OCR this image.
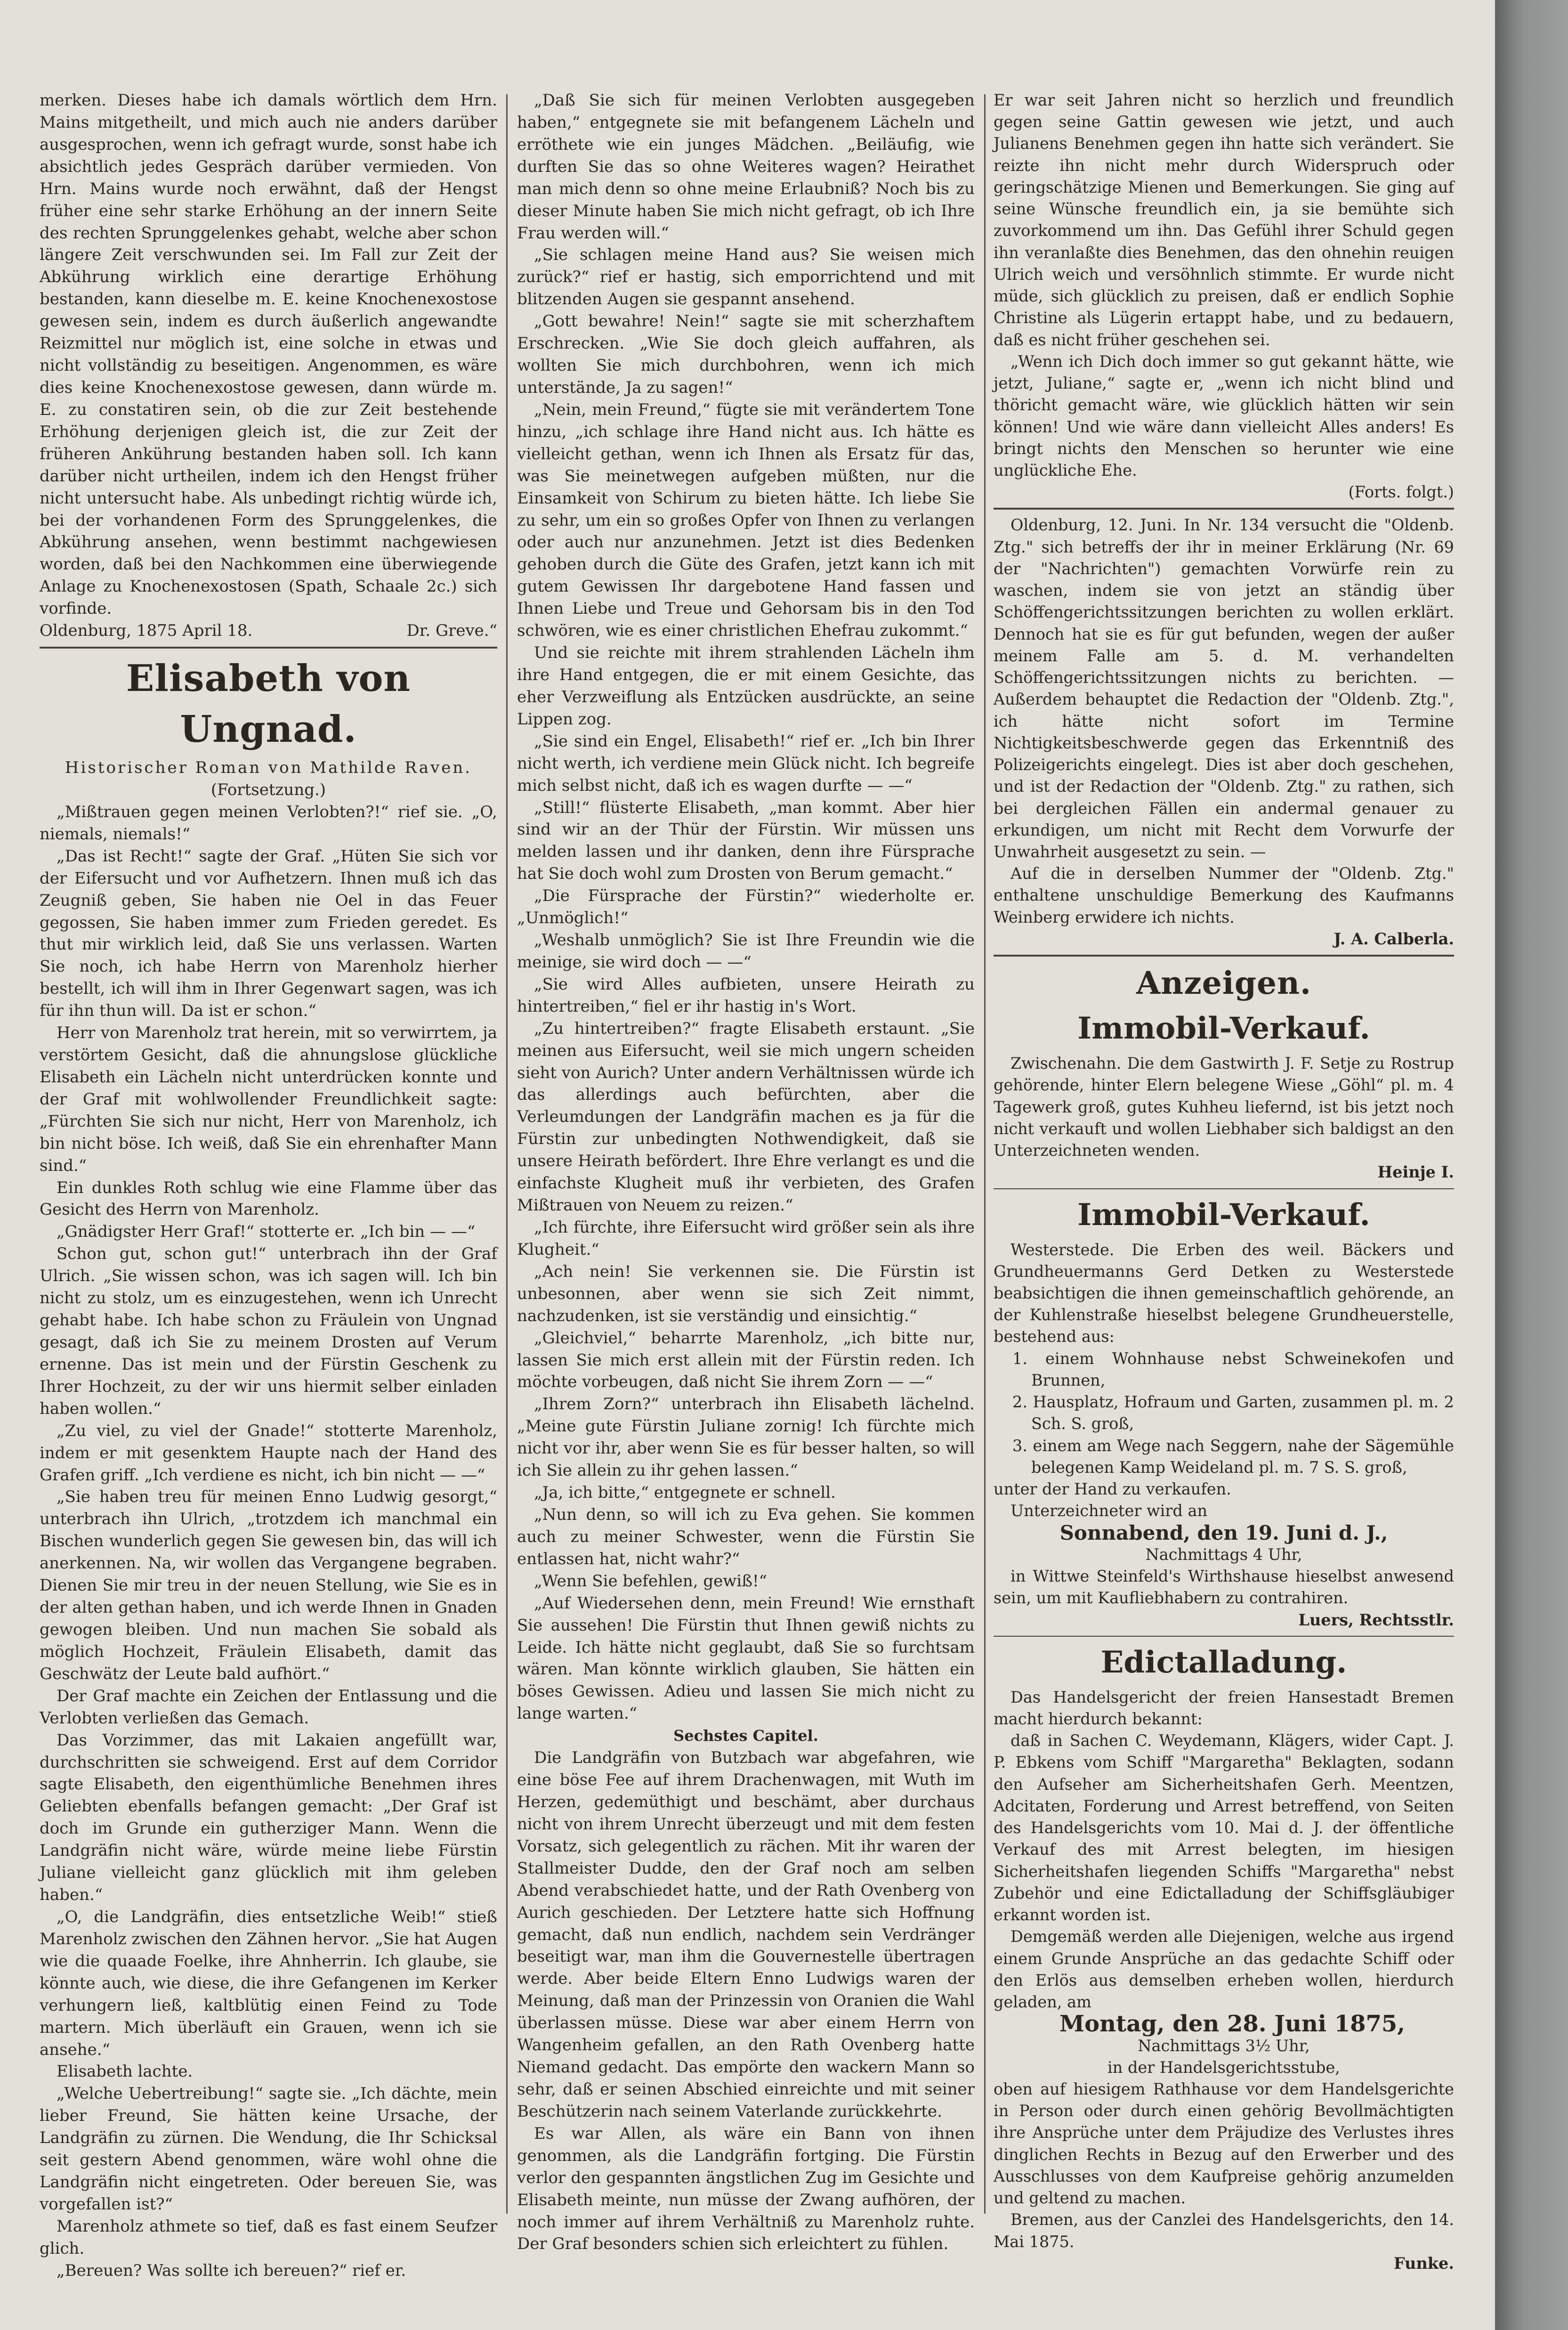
merken. Dieses habe ich damals wörtlich dem Hrn. Mains mitgetheilt, und mich auch nie anders darüber ausgesprochen, wenn ich gefragt wurde, sonst habe ich absichtlich jedes Gespräch darüber vermieden. Von Hrn. Mains wurde noch erwähnt, daß der Hengst früher eine sehr starke Erhöhung an der innern Seite des rechten Sprunggelenkes gehabt, welche aber schon längere Zeit verschwunden sei. Im Fall zur Zeit der Abkührung wirklich eine derartige Erhöhung bestanden, kann dieselbe m. E. keine Knochenexostose gewesen sein, indem es durch äußerlich angewandte Reizmittel nur möglich ist, eine solche in etwas und nicht vollständig zu beseitigen. Angenommen, es wäre dies keine Knochenexostose gewesen, dann würde m. E. zu constatiren sein, ob die zur Zeit bestehende Erhöhung derjenigen gleich ist, die zur Zeit der früheren Ankührung bestanden haben soll. Ich kann darüber nicht urtheilen, indem ich den Hengst früher nicht untersucht habe. Als unbedingt richtig würde ich, bei der vorhandenen Form des Sprunggelenkes, die Abkührung ansehen, wenn bestimmt nachgewiesen worden, daß bei den Nachkommen eine überwiegende Anlage zu Knochenexostosen (Spath, Schaale 2c.) sich vorfinde.

Oldenburg, 1875 April 18.	Dr. Greve.“

Elisabeth von Ungnad.

Historischer Roman von Mathilde Raven.

(Fortsetzung.)

„Mißtrauen gegen meinen Verlobten?!“ rief sie. „O, niemals, niemals!“

„Das ist Recht!“ sagte der Graf. „Hüten Sie sich vor der Eifersucht und vor Aufhetzern. Ihnen muß ich das Zeugniß geben, Sie haben nie Oel in das Feuer gegossen, Sie haben immer zum Frieden geredet. Es thut mir wirklich leid, daß Sie uns verlassen. Warten Sie noch, ich habe Herrn von Marenholz hierher bestellt, ich will ihm in Ihrer Gegenwart sagen, was ich für ihn thun will. Da ist er schon.“

Herr von Marenholz trat herein, mit so verwirrtem, ja verstörtem Gesicht, daß die ahnungslose glückliche Elisabeth ein Lächeln nicht unterdrücken konnte und der Graf mit wohlwollender Freundlichkeit sagte: „Fürchten Sie sich nur nicht, Herr von Marenholz, ich bin nicht böse. Ich weiß, daß Sie ein ehrenhafter Mann sind.“

Ein dunkles Roth schlug wie eine Flamme über das Gesicht des Herrn von Marenholz.

„Gnädigster Herr Graf!“ stotterte er. „Ich bin — —“

Schon gut, schon gut!“ unterbrach ihn der Graf Ulrich. „Sie wissen schon, was ich sagen will. Ich bin nicht zu stolz, um es einzugestehen, wenn ich Unrecht gehabt habe. Ich habe schon zu Fräulein von Ungnad gesagt, daß ich Sie zu meinem Drosten auf Verum ernenne. Das ist mein und der Fürstin Geschenk zu Ihrer Hochzeit, zu der wir uns hiermit selber einladen haben wollen.“

„Zu viel, zu viel der Gnade!“ stotterte Marenholz, indem er mit gesenktem Haupte nach der Hand des Grafen griff. „Ich verdiene es nicht, ich bin nicht — —“

„Sie haben treu für meinen Enno Ludwig gesorgt,“ unterbrach ihn Ulrich, „trotzdem ich manchmal ein Bischen wunderlich gegen Sie gewesen bin, das will ich anerkennen. Na, wir wollen das Vergangene begraben. Dienen Sie mir treu in der neuen Stellung, wie Sie es in der alten gethan haben, und ich werde Ihnen in Gnaden gewogen bleiben. Und nun machen Sie sobald als möglich Hochzeit, Fräulein Elisabeth, damit das Geschwätz der Leute bald aufhört.“

Der Graf machte ein Zeichen der Entlassung und die Verlobten verließen das Gemach.

Das Vorzimmer, das mit Lakaien angefüllt war, durchschritten sie schweigend. Erst auf dem Corridor sagte Elisabeth, den eigenthümliche Benehmen ihres Geliebten ebenfalls befangen gemacht: „Der Graf ist doch im Grunde ein gutherziger Mann. Wenn die Landgräfin nicht wäre, würde meine liebe Fürstin Juliane vielleicht ganz glücklich mit ihm geleben haben.“

„O, die Landgräfin, dies entsetzliche Weib!“ stieß Marenholz zwischen den Zähnen hervor. „Sie hat Augen wie die quaade Foelke, ihre Ahnherrin. Ich glaube, sie könnte auch, wie diese, die ihre Gefangenen im Kerker verhungern ließ, kaltblütig einen Feind zu Tode martern. Mich überläuft ein Grauen, wenn ich sie ansehe.“

Elisabeth lachte.

„Welche Uebertreibung!“ sagte sie. „Ich dächte, mein lieber Freund, Sie hätten keine Ursache, der Landgräfin zu zürnen. Die Wendung, die Ihr Schicksal seit gestern Abend genommen, wäre wohl ohne die Landgräfin nicht eingetreten. Oder bereuen Sie, was vorgefallen ist?“

Marenholz athmete so tief, daß es fast einem Seufzer glich.

„Bereuen? Was sollte ich bereuen?“ rief er.

„Daß Sie sich für meinen Verlobten ausgegeben haben,“ entgegnete sie mit befangenem Lächeln und erröthete wie ein junges Mädchen. „Beiläufig, wie durften Sie das so ohne Weiteres wagen? Heirathet man mich denn so ohne meine Erlaubniß? Noch bis zu dieser Minute haben Sie mich nicht gefragt, ob ich Ihre Frau werden will.“

„Sie schlagen meine Hand aus? Sie weisen mich zurück?“ rief er hastig, sich emporrichtend und mit blitzenden Augen sie gespannt ansehend.

„Gott bewahre! Nein!“ sagte sie mit scherzhaftem Erschrecken. „Wie Sie doch gleich auffahren, als wollten Sie mich durchbohren, wenn ich mich unterstände, Ja zu sagen!“

„Nein, mein Freund,“ fügte sie mit verändertem Tone hinzu, „ich schlage ihre Hand nicht aus. Ich hätte es vielleicht gethan, wenn ich Ihnen als Ersatz für das, was Sie meinetwegen aufgeben müßten, nur die Einsamkeit von Schirum zu bieten hätte. Ich liebe Sie zu sehr, um ein so großes Opfer von Ihnen zu verlangen oder auch nur anzunehmen. Jetzt ist dies Bedenken gehoben durch die Güte des Grafen, jetzt kann ich mit gutem Gewissen Ihr dargebotene Hand fassen und Ihnen Liebe und Treue und Gehorsam bis in den Tod schwören, wie es einer christlichen Ehefrau zukommt.“

Und sie reichte mit ihrem strahlenden Lächeln ihm ihre Hand entgegen, die er mit einem Gesichte, das eher Verzweiflung als Entzücken ausdrückte, an seine Lippen zog.

„Sie sind ein Engel, Elisabeth!“ rief er. „Ich bin Ihrer nicht werth, ich verdiene mein Glück nicht. Ich begreife mich selbst nicht, daß ich es wagen durfte — —“

„Still!“ flüsterte Elisabeth, „man kommt. Aber hier sind wir an der Thür der Fürstin. Wir müssen uns melden lassen und ihr danken, denn ihre Fürsprache hat Sie doch wohl zum Drosten von Berum gemacht.“

„Die Fürsprache der Fürstin?“ wiederholte er. „Unmöglich!“

„Weshalb unmöglich? Sie ist Ihre Freundin wie die meinige, sie wird doch — —“

„Sie wird Alles aufbieten, unsere Heirath zu hintertreiben,“ fiel er ihr hastig in's Wort.

„Zu hintertreiben?“ fragte Elisabeth erstaunt. „Sie meinen aus Eifersucht, weil sie mich ungern scheiden sieht von Aurich? Unter andern Verhältnissen würde ich das allerdings auch befürchten, aber die Verleumdungen der Landgräfin machen es ja für die Fürstin zur unbedingten Nothwendigkeit, daß sie unsere Heirath befördert. Ihre Ehre verlangt es und die einfachste Klugheit muß ihr verbieten, des Grafen Mißtrauen von Neuem zu reizen.“

„Ich fürchte, ihre Eifersucht wird größer sein als ihre Klugheit.“

„Ach nein! Sie verkennen sie. Die Fürstin ist unbesonnen, aber wenn sie sich Zeit nimmt, nachzudenken, ist sie verständig und einsichtig.“

„Gleichviel,“ beharrte Marenholz, „ich bitte nur, lassen Sie mich erst allein mit der Fürstin reden. Ich möchte vorbeugen, daß nicht Sie ihrem Zorn — —“

„Ihrem Zorn?“ unterbrach ihn Elisabeth lächelnd. „Meine gute Fürstin Juliane zornig! Ich fürchte mich nicht vor ihr, aber wenn Sie es für besser halten, so will ich Sie allein zu ihr gehen lassen.“

„Ja, ich bitte,“ entgegnete er schnell.

„Nun denn, so will ich zu Eva gehen. Sie kommen auch zu meiner Schwester, wenn die Fürstin Sie entlassen hat, nicht wahr?“

„Wenn Sie befehlen, gewiß!“

„Auf Wiedersehen denn, mein Freund! Wie ernsthaft Sie aussehen! Die Fürstin thut Ihnen gewiß nichts zu Leide. Ich hätte nicht geglaubt, daß Sie so furchtsam wären. Man könnte wirklich glauben, Sie hätten ein böses Gewissen. Adieu und lassen Sie mich nicht zu lange warten.“

Sechstes Capitel.

Die Landgräfin von Butzbach war abgefahren, wie eine böse Fee auf ihrem Drachenwagen, mit Wuth im Herzen, gedemüthigt und beschämt, aber durchaus nicht von ihrem Unrecht überzeugt und mit dem festen Vorsatz, sich gelegentlich zu rächen. Mit ihr waren der Stallmeister Dudde, den der Graf noch am selben Abend verabschiedet hatte, und der Rath Ovenberg von Aurich geschieden. Der Letztere hatte sich Hoffnung gemacht, daß nun endlich, nachdem sein Verdränger beseitigt war, man ihm die Gouvernestelle übertragen werde. Aber beide Eltern Enno Ludwigs waren der Meinung, daß man der Prinzessin von Oranien die Wahl überlassen müsse. Diese war aber einem Herrn von Wangenheim gefallen, an den Rath Ovenberg hatte Niemand gedacht. Das empörte den wackern Mann so sehr, daß er seinen Abschied einreichte und mit seiner Beschützerin nach seinem Vaterlande zurückkehrte.

Es war Allen, als wäre ein Bann von ihnen genommen, als die Landgräfin fortging. Die Fürstin verlor den gespannten ängstlichen Zug im Gesichte und Elisabeth meinte, nun müsse der Zwang aufhören, der noch immer auf ihrem Verhältniß zu Marenholz ruhte. Der Graf besonders schien sich erleichtert zu fühlen.

Er war seit Jahren nicht so herzlich und freundlich gegen seine Gattin gewesen wie jetzt, und auch Julianens Benehmen gegen ihn hatte sich verändert. Sie reizte ihn nicht mehr durch Widerspruch oder geringschätzige Mienen und Bemerkungen. Sie ging auf seine Wünsche freundlich ein, ja sie bemühte sich zuvorkommend um ihn. Das Gefühl ihrer Schuld gegen ihn veranlaßte dies Benehmen, das den ohnehin reuigen Ulrich weich und versöhnlich stimmte. Er wurde nicht müde, sich glücklich zu preisen, daß er endlich Sophie Christine als Lügerin ertappt habe, und zu bedauern, daß es nicht früher geschehen sei.

„Wenn ich Dich doch immer so gut gekannt hätte, wie jetzt, Juliane,“ sagte er, „wenn ich nicht blind und thöricht gemacht wäre, wie glücklich hätten wir sein können! Und wie wäre dann vielleicht Alles anders! Es bringt nichts den Menschen so herunter wie eine unglückliche Ehe.

(Forts. folgt.)

Oldenburg, 12. Juni. In Nr. 134 versucht die "Oldenb. Ztg." sich betreffs der ihr in meiner Erklärung (Nr. 69 der "Nachrichten") gemachten Vorwürfe rein zu waschen, indem sie von jetzt an ständig über Schöffengerichtssitzungen berichten zu wollen erklärt. Dennoch hat sie es für gut befunden, wegen der außer meinem Falle am 5. d. M. verhandelten Schöffengerichtssitzungen nichts zu berichten. — Außerdem behauptet die Redaction der "Oldenb. Ztg.", ich hätte nicht sofort im Termine Nichtigkeitsbeschwerde gegen das Erkenntniß des Polizeigerichts eingelegt. Dies ist aber doch geschehen, und ist der Redaction der "Oldenb. Ztg." zu rathen, sich bei dergleichen Fällen ein andermal genauer zu erkundigen, um nicht mit Recht dem Vorwurfe der Unwahrheit ausgesetzt zu sein. —

Auf die in derselben Nummer der "Oldenb. Ztg." enthaltene unschuldige Bemerkung des Kaufmanns Weinberg erwidere ich nichts.

J. A. Calberla.

Anzeigen.
Immobil-Verkauf.

Zwischenahn. Die dem Gastwirth J. F. Setje zu Rostrup gehörende, hinter Elern belegene Wiese „Göhl“ pl. m. 4 Tagewerk groß, gutes Kuhheu liefernd, ist bis jetzt noch nicht verkauft und wollen Liebhaber sich baldigst an den Unterzeichneten wenden.

Heinje I.

Immobil-Verkauf.

Westerstede. Die Erben des weil. Bäckers und Grundheuermanns Gerd Detken zu Westerstede beabsichtigen die ihnen gemeinschaftlich gehörende, an der Kuhlenstraße hieselbst belegene Grundheuerstelle, bestehend aus:

1. einem Wohnhause nebst Schweinekofen und Brunnen,

2. Hausplatz, Hofraum und Garten, zusammen pl. m. 2 Sch. S. groß,

3. einem am Wege nach Seggern, nahe der Sägemühle belegenen Kamp Weideland pl. m. 7 S. S. groß,

unter der Hand zu verkaufen.

Unterzeichneter wird an

Sonnabend, den 19. Juni d. J.,

Nachmittags 4 Uhr,

in Wittwe Steinfeld's Wirthshause hieselbst anwesend sein, um mit Kaufliebhabern zu contrahiren.

Luers, Rechtsstlr.

Edictalladung.

Das Handelsgericht der freien Hansestadt Bremen macht hierdurch bekannt:

daß in Sachen C. Weydemann, Klägers, wider Capt. J. P. Ebkens vom Schiff "Margaretha" Beklagten, sodann den Aufseher am Sicherheitshafen Gerh. Meentzen, Adcitaten, Forderung und Arrest betreffend, von Seiten des Handelsgerichts vom 10. Mai d. J. der öffentliche Verkauf des mit Arrest belegten, im hiesigen Sicherheitshafen liegenden Schiffs "Margaretha" nebst Zubehör und eine Edictalladung der Schiffsgläubiger erkannt worden ist.

Demgemäß werden alle Diejenigen, welche aus irgend einem Grunde Ansprüche an das gedachte Schiff oder den Erlös aus demselben erheben wollen, hierdurch geladen, am

Montag, den 28. Juni 1875,

Nachmittags 3½ Uhr,

in der Handelsgerichtsstube,

oben auf hiesigem Rathhause vor dem Handelsgerichte in Person oder durch einen gehörig Bevollmächtigten ihre Ansprüche unter dem Präjudize des Verlustes ihres dinglichen Rechts in Bezug auf den Erwerber und des Ausschlusses von dem Kaufpreise gehörig anzumelden und geltend zu machen.

Bremen, aus der Canzlei des Handelsgerichts, den 14. Mai 1875.

Funke.
